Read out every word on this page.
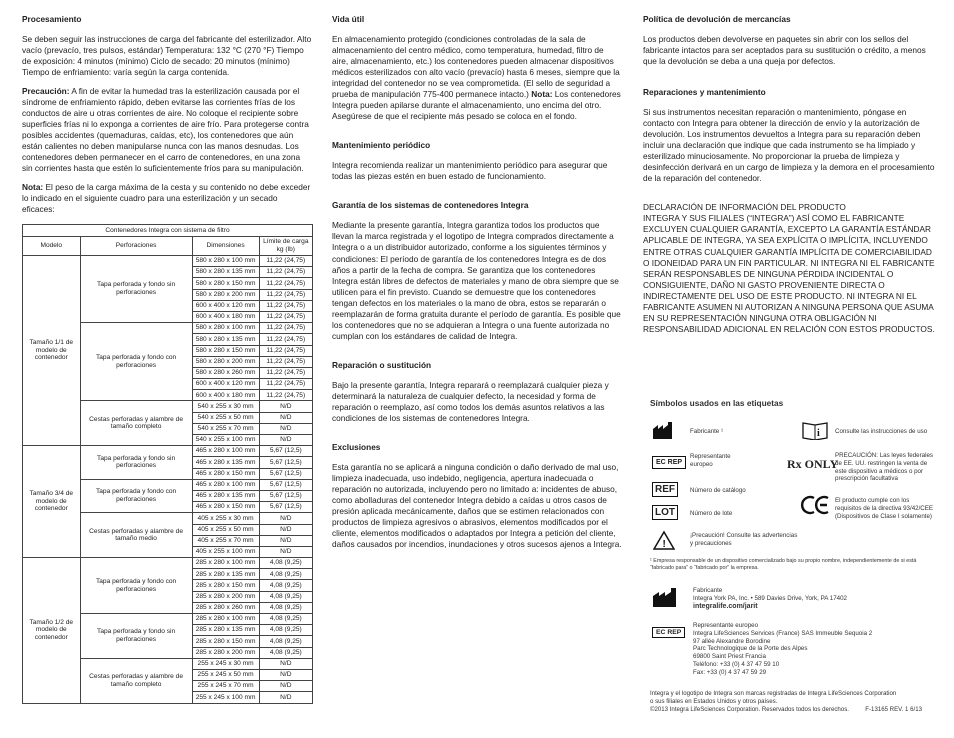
Procesamiento

Se deben seguir las instrucciones de carga del fabricante del esterilizador. Alto vacío (prevacío, tres pulsos, estándar) Temperatura: 132 °C (270 °F) Tiempo de exposición: 4 minutos (mínimo) Ciclo de secado: 20 minutos (mínimo) Tiempo de enfriamiento: varía según la carga contenida.

Precaución: A fin de evitar la humedad tras la esterilización causada por el síndrome de enfriamiento rápido, deben evitarse las corrientes frías de los conductos de aire u otras corrientes de aire. No coloque el recipiente sobre superficies frías ni lo exponga a corrientes de aire frío. Para protegerse contra posibles accidentes (quemaduras, caídas, etc), los contenedores que aún están calientes no deben manipularse nunca con las manos desnudas. Los contenedores deben permanecer en el carro de contenedores, en una zona sin corrientes hasta que estén lo suficientemente fríos para su manipulación.

Nota: El peso de la carga máxima de la cesta y su contenido no debe exceder lo indicado en el siguiente cuadro para una esterilización y un secado eficaces:

Contenedores Integra con sistema de filtro			
Modelo	Perforaciones	Dimensiones	Límite de carga kg (lb)
Tamaño 1/1 de modelo de contenedor	Tapa perforada y fondo sin perforaciones	580 x 280 x 100 mm	11,22 (24,75)
		580 x 280 x 135 mm	11,22 (24,75)
		580 x 280 x 150 mm	11,22 (24,75)
		580 x 280 x 200 mm	11,22 (24,75)
		600 x 400 x 120 mm	11,22 (24,75)
		600 x 400 x 180 mm	11,22 (24,75)
	Tapa perforada y fondo con perforaciones	580 x 280 x 100 mm	11,22 (24,75)
		580 x 280 x 135 mm	11,22 (24,75)
		580 x 280 x 150 mm	11,22 (24,75)
		580 x 280 x 200 mm	11,22 (24,75)
		580 x 280 x 260 mm	11,22 (24,75)
		600 x 400 x 120 mm	11,22 (24,75)
		600 x 400 x 180 mm	11,22 (24,75)
	Cestas perforadas y alambre de tamaño completo	540 x 255 x 30 mm	N/D
		540 x 255 x 50 mm	N/D
		540 x 255 x 70 mm	N/D
		540 x 255 x 100 mm	N/D
Tamaño 3/4 de modelo de contenedor	Tapa perforada y fondo sin perforaciones	465 x 280 x 100 mm	5,67 (12,5)
		465 x 280 x 135 mm	5,67 (12,5)
		465 x 280 x 150 mm	5,67 (12,5)
	Tapa perforada y fondo con perforaciones	465 x 280 x 100 mm	5,67 (12,5)
		465 x 280 x 135 mm	5,67 (12,5)
		465 x 280 x 150 mm	5,67 (12,5)
	Cestas perforadas y alambre de tamaño medio	405 x 255 x 30 mm	N/D
		405 x 255 x 50 mm	N/D
		405 x 255 x 70 mm	N/D
		405 x 255 x 100 mm	N/D
Tamaño 1/2 de modelo de contenedor	Tapa perforada y fondo con perforaciones	285 x 280 x 100 mm	4,08 (9,25)
		285 x 280 x 135 mm	4,08 (9,25)
		285 x 280 x 150 mm	4,08 (9,25)
		285 x 280 x 200 mm	4,08 (9,25)
		285 x 280 x 260 mm	4,08 (9,25)
	Tapa perforada y fondo sin perforaciones	285 x 280 x 100 mm	4,08 (9,25)
		285 x 280 x 135 mm	4,08 (9,25)
		285 x 280 x 150 mm	4,08 (9,25)
		285 x 280 x 200 mm	4,08 (9,25)
	Cestas perforadas y alambre de tamaño completo	255 x 245 x 30 mm	N/D
		255 x 245 x 50 mm	N/D
		255 x 245 x 70 mm	N/D
		255 x 245 x 100 mm	N/D
Vida útil

En almacenamiento protegido (condiciones controladas de la sala de almacenamiento del centro médico, como temperatura, humedad, filtro de aire, almacenamiento, etc.) los contenedores pueden almacenar dispositivos médicos esterilizados con alto vacío (prevacío) hasta 6 meses, siempre que la integridad del contenedor no se vea comprometida. (El sello de seguridad a prueba de manipulación 775-400 permanece intacto.) Nota: Los contenedores Integra pueden apilarse durante el almacenamiento, uno encima del otro. Asegúrese de que el recipiente más pesado se coloca en el fondo.

Mantenimiento periódico

Integra recomienda realizar un mantenimiento periódico para asegurar que todas las piezas estén en buen estado de funcionamiento.

Garantía de los sistemas de contenedores Integra

Mediante la presente garantía, Integra garantiza todos los productos que llevan la marca registrada y el logotipo de Integra comprados directamente a Integra o a un distribuidor autorizado, conforme a los siguientes términos y condiciones: El período de garantía de los contenedores Integra es de dos años a partir de la fecha de compra. Se garantiza que los contenedores Integra están libres de defectos de materiales y mano de obra siempre que se utilicen para el fin previsto. Cuando se demuestre que los contenedores tengan defectos en los materiales o la mano de obra, estos se repararán o reemplazarán de forma gratuita durante el período de garantía. Es posible que los contenedores que no se adquieran a Integra o una fuente autorizada no cumplan con los estándares de calidad de Integra.

Reparación o sustitución

Bajo la presente garantía, Integra reparará o reemplazará cualquier pieza y determinará la naturaleza de cualquier defecto, la necesidad y forma de reparación o reemplazo, así como todos los demás asuntos relativos a las condiciones de los sistemas de contenedores Integra.

Exclusiones

Esta garantía no se aplicará a ninguna condición o daño derivado de mal uso, limpieza inadecuada, uso indebido, negligencia, apertura inadecuada o reparación no autorizada, incluyendo pero no limitado a: incidentes de abuso, como abolladuras del contenedor Integra debido a caídas u otros casos de presión aplicada mecánicamente, daños que se estimen relacionados con productos de limpieza agresivos o abrasivos, elementos modificados por el cliente, elementos modificados o adaptados por Integra a petición del cliente, daños causados por incendios, inundaciones y otros sucesos ajenos a Integra.

Política de devolución de mercancías

Los productos deben devolverse en paquetes sin abrir con los sellos del fabricante intactos para ser aceptados para su sustitución o crédito, a menos que la devolución se deba a una queja por defectos.

Reparaciones y mantenimiento

Si sus instrumentos necesitan reparación o mantenimiento, póngase en contacto con Integra para obtener la dirección de envío y la autorización de devolución. Los instrumentos devueltos a Integra para su reparación deben incluir una declaración que indique que cada instrumento se ha limpiado y esterilizado minuciosamente. No proporcionar la prueba de limpieza y desinfección derivará en un cargo de limpieza y la demora en el procesamiento de la reparación del contenedor.

DECLARACIÓN DE INFORMACIÓN DEL PRODUCTO
INTEGRA Y SUS FILIALES (“INTEGRA”) ASÍ COMO EL FABRICANTE EXCLUYEN CUALQUIER GARANTÍA, EXCEPTO LA GARANTÍA ESTÁNDAR APLICABLE DE INTEGRA, YA SEA EXPLÍCITA O IMPLÍCITA, INCLUYENDO ENTRE OTRAS CUALQUIER GARANTÍA IMPLÍCITA DE COMERCIABILIDAD O IDONEIDAD PARA UN FIN PARTICULAR. NI INTEGRA NI EL FABRICANTE SERÁN RESPONSABLES DE NINGUNA PÉRDIDA INCIDENTAL O CONSIGUIENTE, DAÑO NI GASTO PROVENIENTE DIRECTA O INDIRECTAMENTE DEL USO DE ESTE PRODUCTO. NI INTEGRA NI EL FABRICANTE ASUMEN NI AUTORIZAN A NINGUNA PERSONA QUE ASUMA EN SU REPRESENTACIÓN NINGUNA OTRA OBLIGACIÓN NI RESPONSABILIDAD ADICIONAL EN RELACIÓN CON ESTOS PRODUCTOS.
Símbolos usados en las etiquetas
Fabricante ¹	i Consulte las instrucciones de uso
EC REP
Representante europeo	Rx ONLY
PRECAUCIÓN: Las leyes federales de EE. UU. restringen la venta de este dispositivo a médicos o por prescripción facultativa
REF	Número de catálogo
El producto cumple con los requisitos de la directiva 93/42/CEE (Dispositivos de Clase I solamente)
LOT	Número de lote
!
¡Precaución! Consulte las advertencias y precauciones
¹ Empresa responsable de un dispositivo comercializado bajo su propio nombre, independientemente de si está “fabricado para” o “fabricado por” la empresa.
Fabricante
Integra York PA, Inc. • 589 Davies Drive, York, PA 17402
integralife.com/jarit
EC REP
Representante europeo
Integra LifeSciences Services (France) SAS Immeuble Sequoia 2
97 allée Alexandre Borodine
Parc Technologique de la Porte des Alpes
69800 Saint Priest Francia
Teléfono: +33 (0) 4 37 47 59 10
Fax: +33 (0) 4 37 47 59 29
Integra y el logotipo de Integra son marcas registradas de Integra LifeSciences Corporation
o sus filiales en Estados Unidos y otros países.
©2013 Integra LifeSciences Corporation. Reservados todos los derechos.	F-13165 REV. 1 6/13
